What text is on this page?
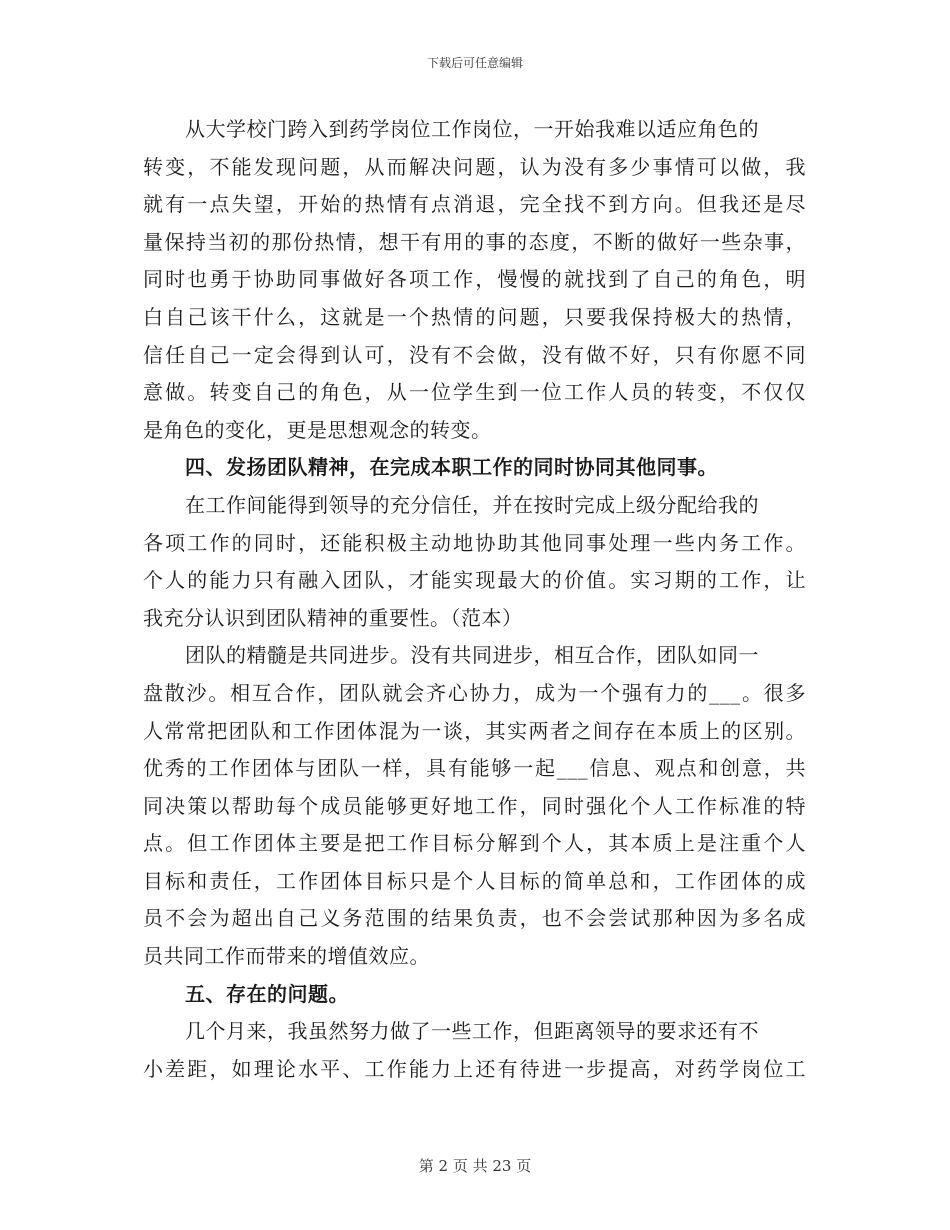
下载后可任意编辑
从大学校门跨入到药学岗位工作岗位，一开始我难以适应角色的
转变，不能发现问题，从而解决问题，认为没有多少事情可以做，我
就有一点失望，开始的热情有点消退，完全找不到方向。但我还是尽
量保持当初的那份热情，想干有用的事的态度，不断的做好一些杂事，
同时也勇于协助同事做好各项工作，慢慢的就找到了自己的角色，明
白自己该干什么，这就是一个热情的问题，只要我保持极大的热情，
信任自己一定会得到认可，没有不会做，没有做不好，只有你愿不同
意做。转变自己的角色，从一位学生到一位工作人员的转变，不仅仅
是角色的变化，更是思想观念的转变。
四、发扬团队精神，在完成本职工作的同时协同其他同事。
在工作间能得到领导的充分信任，并在按时完成上级分配给我的
各项工作的同时，还能积极主动地协助其他同事处理一些内务工作。
个人的能力只有融入团队，才能实现最大的价值。实习期的工作，让
我充分认识到团队精神的重要性。（范本）
团队的精髓是共同进步。没有共同进步，相互合作，团队如同一
盘散沙。相互合作，团队就会齐心协力，成为一个强有力的___。很多
人常常把团队和工作团体混为一谈，其实两者之间存在本质上的区别。
优秀的工作团体与团队一样，具有能够一起___信息、观点和创意，共
同决策以帮助每个成员能够更好地工作，同时强化个人工作标准的特
点。但工作团体主要是把工作目标分解到个人，其本质上是注重个人
目标和责任，工作团体目标只是个人目标的简单总和，工作团体的成
员不会为超出自己义务范围的结果负责，也不会尝试那种因为多名成
员共同工作而带来的增值效应。
五、存在的问题。
几个月来，我虽然努力做了一些工作，但距离领导的要求还有不
小差距，如理论水平、工作能力上还有待进一步提高，对药学岗位工
第 2 页 共 23 页
